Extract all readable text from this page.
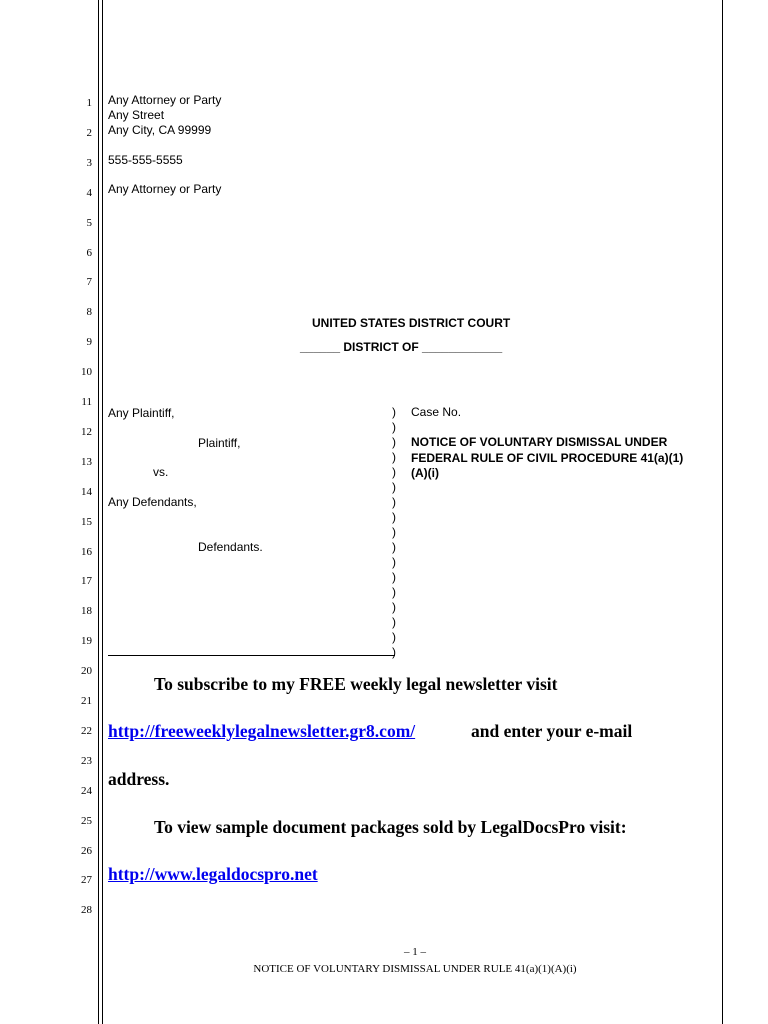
1
2
3
4
5
6
7
8
9
10
11
12
13
14
15
16
17
18
19
20
21
22
23
24
25
26
27
28
Any Attorney or Party
Any Street
Any City, CA 99999
555-555-5555
Any Attorney or Party
UNITED STATES DISTRICT COURT
______ DISTRICT OF ____________
Any Plaintiff,
Plaintiff,
vs.
Any Defendants,
Defendants.
)
)
)
)
)
)
)
)
)
)
)
)
)
)
)
)
)
Case No.
NOTICE OF VOLUNTARY DISMISSAL UNDER
FEDERAL RULE OF CIVIL PROCEDURE 41(a)(1)
(A)(i)
To subscribe to my FREE weekly legal newsletter visit
http://freeweeklylegalnewsletter.gr8.com/	and enter your e-mail
address.
To view sample document packages sold by LegalDocsPro visit:
http://www.legaldocspro.net
– 1 –
NOTICE OF VOLUNTARY DISMISSAL UNDER RULE 41(a)(1)(A)(i)
